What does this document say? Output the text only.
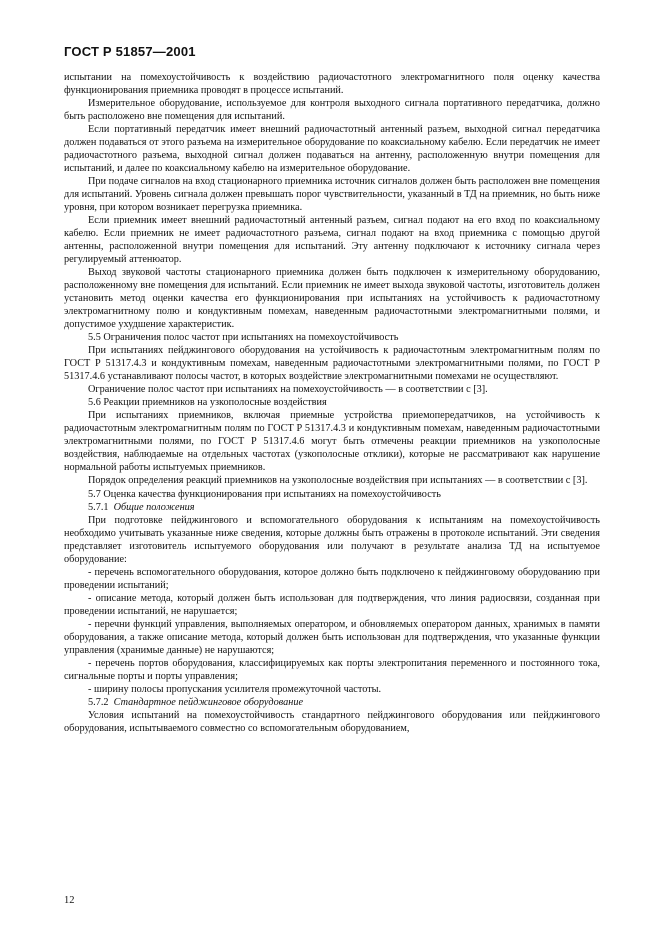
ГОСТ Р 51857—2001

испытании на помехоустойчивость к воздействию радиочастотного электромагнитного поля оценку качества функционирования приемника проводят в процессе испытаний.

Измерительное оборудование, используемое для контроля выходного сигнала портативного передатчика, должно быть расположено вне помещения для испытаний.

Если портативный передатчик имеет внешний радиочастотный антенный разъем, выходной сигнал передатчика должен подаваться от этого разъема на измерительное оборудование по коаксиальному кабелю. Если передатчик не имеет радиочастотного разъема, выходной сигнал должен подаваться на антенну, расположенную внутри помещения для испытаний, и далее по коаксиальному кабелю на измерительное оборудование.

При подаче сигналов на вход стационарного приемника источник сигналов должен быть расположен вне помещения для испытаний. Уровень сигнала должен превышать порог чувствительности, указанный в ТД на приемник, но быть ниже уровня, при котором возникает перегрузка приемника.

Если приемник имеет внешний радиочастотный антенный разъем, сигнал подают на его вход по коаксиальному кабелю. Если приемник не имеет радиочастотного разъема, сигнал подают на вход приемника с помощью другой антенны, расположенной внутри помещения для испытаний. Эту антенну подключают к источнику сигнала через регулируемый аттенюатор.

Выход звуковой частоты стационарного приемника должен быть подключен к измерительному оборудованию, расположенному вне помещения для испытаний. Если приемник не имеет выхода звуковой частоты, изготовитель должен установить метод оценки качества его функционирования при испытаниях на устойчивость к радиочастотному электромагнитному полю и кондуктивным помехам, наведенным радиочастотными электромагнитными полями, и допустимое ухудшение характеристик.

5.5 Ограничения полос частот при испытаниях на помехоустойчивость

При испытаниях пейджингового оборудования на устойчивость к радиочастотным электромагнитным полям по ГОСТ Р 51317.4.3 и кондуктивным помехам, наведенным радиочастотными электромагнитными полями, по ГОСТ Р 51317.4.6 устанавливают полосы частот, в которых воздействие электромагнитными помехами не осуществляют.

Ограничение полос частот при испытаниях на помехоустойчивость — в соответствии с [3].

5.6 Реакции приемников на узкополосные воздействия

При испытаниях приемников, включая приемные устройства приемопередатчиков, на устойчивость к радиочастотным электромагнитным полям по ГОСТ Р 51317.4.3 и кондуктивным помехам, наведенным радиочастотными электромагнитными полями, по ГОСТ Р 51317.4.6 могут быть отмечены реакции приемников на узкополосные воздействия, наблюдаемые на отдельных частотах (узкополосные отклики), которые не рассматривают как нарушение нормальной работы испытуемых приемников.

Порядок определения реакций приемников на узкополосные воздействия при испытаниях — в соответствии с [3].

5.7 Оценка качества функционирования при испытаниях на помехоустойчивость

5.7.1 Общие положения

При подготовке пейджингового и вспомогательного оборудования к испытаниям на помехоустойчивость необходимо учитывать указанные ниже сведения, которые должны быть отражены в протоколе испытаний. Эти сведения представляет изготовитель испытуемого оборудования или получают в результате анализа ТД на испытуемое оборудование:

- перечень вспомогательного оборудования, которое должно быть подключено к пейджинговому оборудованию при проведении испытаний;

- описание метода, который должен быть использован для подтверждения, что линия радиосвязи, созданная при проведении испытаний, не нарушается;

- перечни функций управления, выполняемых оператором, и обновляемых оператором данных, хранимых в памяти оборудования, а также описание метода, который должен быть использован для подтверждения, что указанные функции управления (хранимые данные) не нарушаются;

- перечень портов оборудования, классифицируемых как порты электропитания переменного и постоянного тока, сигнальные порты и порты управления;

- ширину полосы пропускания усилителя промежуточной частоты.

5.7.2 Стандартное пейджинговое оборудование

Условия испытаний на помехоустойчивость стандартного пейджингового оборудования или пейджингового оборудования, испытываемого совместно со вспомогательным оборудованием,

12
